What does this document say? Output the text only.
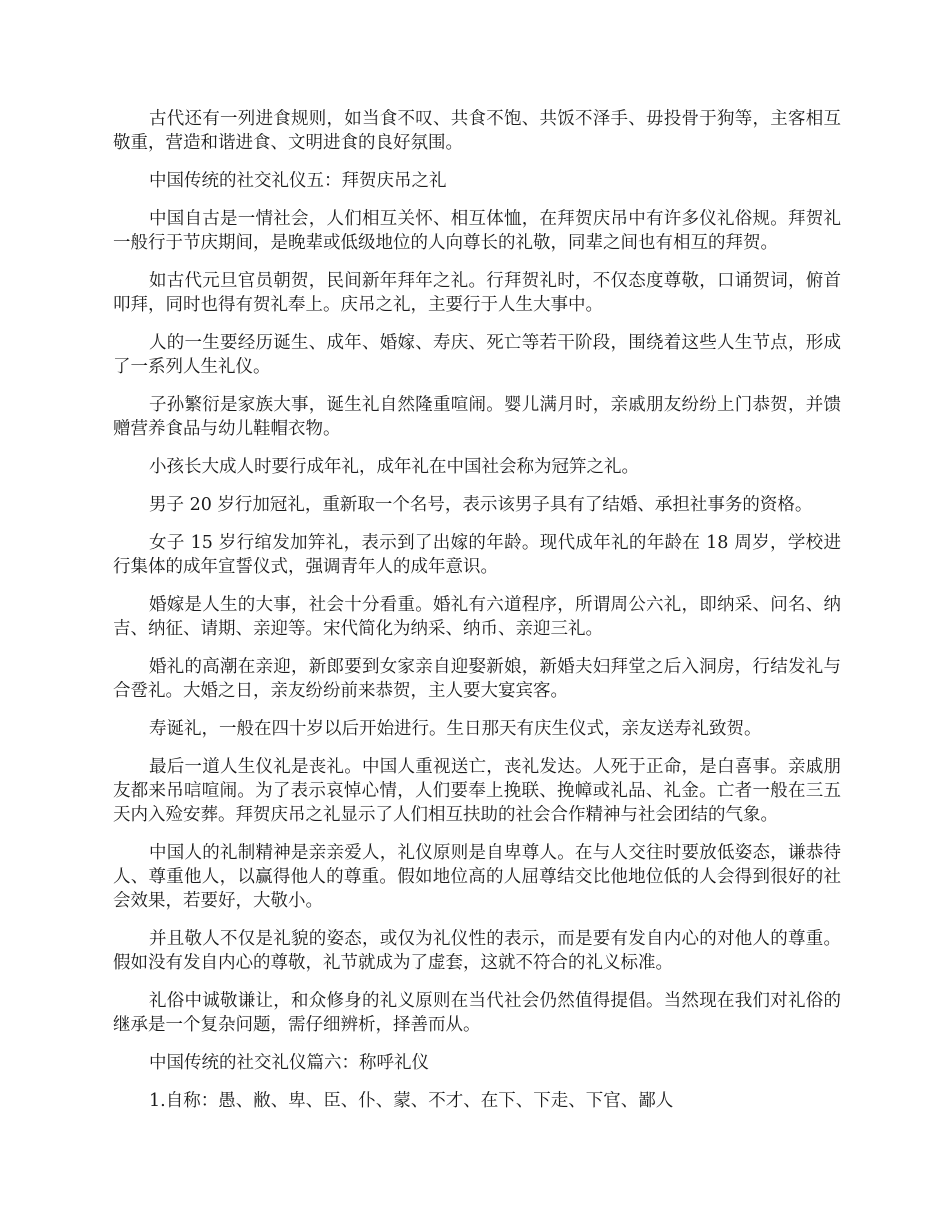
古代还有一列进食规则，如当食不叹、共食不饱、共饭不泽手、毋投骨于狗等，主客相互敬重，营造和谐进食、文明进食的良好氛围。

中国传统的社交礼仪五：拜贺庆吊之礼

中国自古是一情社会，人们相互关怀、相互体恤，在拜贺庆吊中有许多仪礼俗规。拜贺礼一般行于节庆期间，是晚辈或低级地位的人向尊长的礼敬，同辈之间也有相互的拜贺。

如古代元旦官员朝贺，民间新年拜年之礼。行拜贺礼时，不仅态度尊敬，口诵贺词，俯首叩拜，同时也得有贺礼奉上。庆吊之礼，主要行于人生大事中。

人的一生要经历诞生、成年、婚嫁、寿庆、死亡等若干阶段，围绕着这些人生节点，形成了一系列人生礼仪。

子孙繁衍是家族大事，诞生礼自然隆重喧闹。婴儿满月时，亲戚朋友纷纷上门恭贺，并馈赠营养食品与幼儿鞋帽衣物。

小孩长大成人时要行成年礼，成年礼在中国社会称为冠笄之礼。

男子 20 岁行加冠礼，重新取一个名号，表示该男子具有了结婚、承担社事务的资格。

女子 15 岁行绾发加笄礼，表示到了出嫁的年龄。现代成年礼的年龄在 18 周岁，学校进行集体的成年宣誓仪式，强调青年人的成年意识。

婚嫁是人生的大事，社会十分看重。婚礼有六道程序，所谓周公六礼，即纳采、问名、纳吉、纳征、请期、亲迎等。宋代简化为纳采、纳币、亲迎三礼。

婚礼的高潮在亲迎，新郎要到女家亲自迎娶新娘，新婚夫妇拜堂之后入洞房，行结发礼与合卺礼。大婚之日，亲友纷纷前来恭贺，主人要大宴宾客。

寿诞礼，一般在四十岁以后开始进行。生日那天有庆生仪式，亲友送寿礼致贺。

最后一道人生仪礼是丧礼。中国人重视送亡，丧礼发达。人死于正命，是白喜事。亲戚朋友都来吊唁喧闹。为了表示哀悼心情，人们要奉上挽联、挽幛或礼品、礼金。亡者一般在三五天内入殓安葬。拜贺庆吊之礼显示了人们相互扶助的社会合作精神与社会团结的气象。

中国人的礼制精神是亲亲爱人，礼仪原则是自卑尊人。在与人交往时要放低姿态，谦恭待人、尊重他人，以赢得他人的尊重。假如地位高的人屈尊结交比他地位低的人会得到很好的社会效果，若要好，大敬小。

并且敬人不仅是礼貌的姿态，或仅为礼仪性的表示，而是要有发自内心的对他人的尊重。假如没有发自内心的尊敬，礼节就成为了虚套，这就不符合的礼义标准。

礼俗中诚敬谦让，和众修身的礼义原则在当代社会仍然值得提倡。当然现在我们对礼俗的继承是一个复杂问题，需仔细辨析，择善而从。

中国传统的社交礼仪篇六：称呼礼仪

1.自称：愚、敝、卑、臣、仆、蒙、不才、在下、下走、下官、鄙人
